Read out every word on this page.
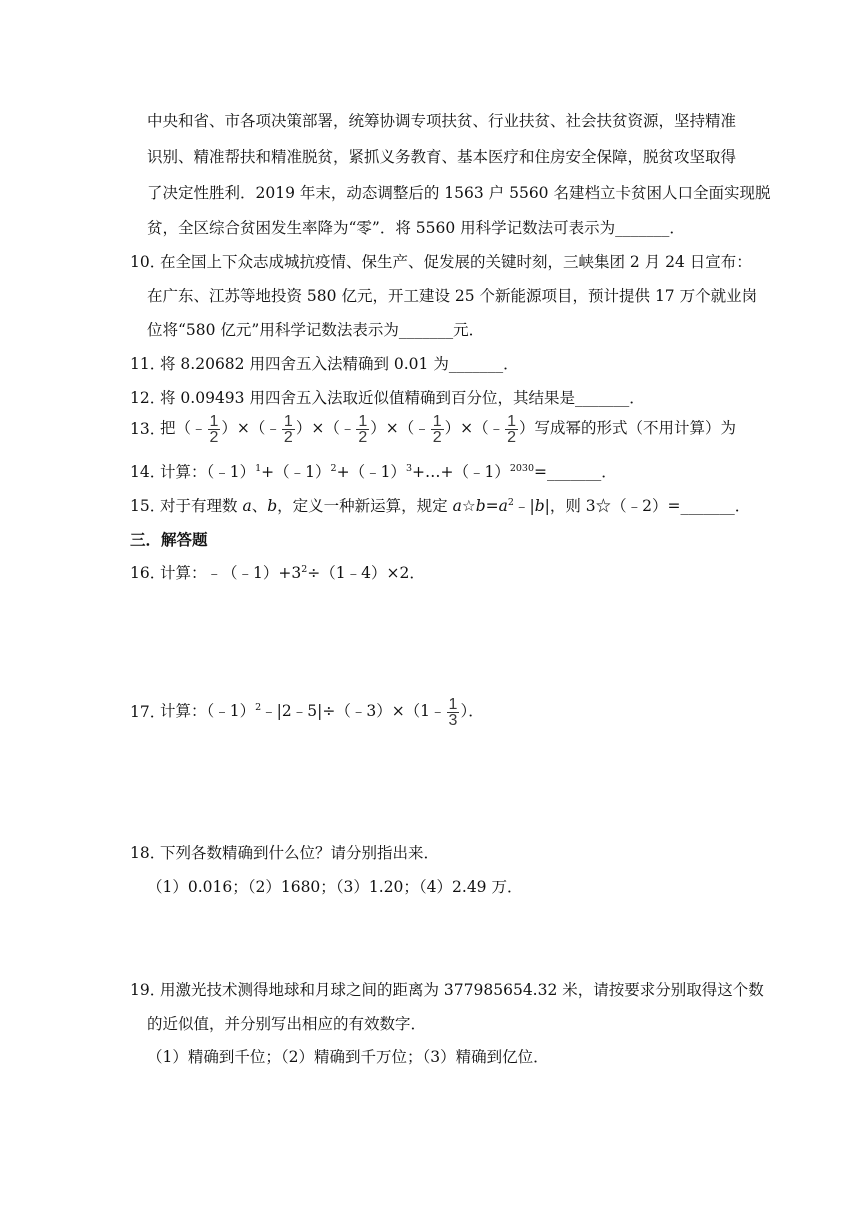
中央和省、市各项决策部署，统筹协调专项扶贫、行业扶贫、社会扶贫资源，坚持精准
识别、精准帮扶和精准脱贫，紧抓义务教育、基本医疗和住房安全保障，脱贫攻坚取得
了决定性胜利．2019 年末，动态调整后的 1563 户 5560 名建档立卡贫困人口全面实现脱
贫，全区综合贫困发生率降为“零”．将 5560 用科学记数法可表示为_______．
10．
在全国上下众志成城抗疫情、保生产、促发展的关键时刻，三峡集团 2 月 24 日宣布：
在广东、江苏等地投资 580 亿元，开工建设 25 个新能源项目，预计提供 17 万个就业岗
位将“580 亿元”用科学记数法表示为_______元．
11．
将 8.20682 用四舍五入法精确到 0.01 为_______．
12．
将 0.09493 用四舍五入法取近似值精确到百分位，其结果是_______．
13．
把（﹣ $\frac{1}{2}$ ）×（﹣ $\frac{1}{2}$ ）×（﹣ $\frac{1}{2}$ ）×（﹣ $\frac{1}{2}$ ）×（﹣ $\frac{1}{2}$ ）写成幂的形式（不用计算）为
14．
计算：（﹣1）$^1$+（﹣1）$^2$+（﹣1）$^3$+…+（﹣1）$^{2030}$=_______．
15．
对于有理数 a、b，定义一种新运算，规定 $a☆b=a^2﹣|b|$，则 3☆（﹣2）=_______．
三．解答题
16．
计算：$﹣(﹣1)+3^2\div(1﹣4)\times 2$．
17．
计算：（﹣1）$^2$﹣|2﹣5|÷（﹣3）×（1﹣ $\frac{1}{3}$ ）．
18．
下列各数精确到什么位？请分别指出来．
（1）0.016；（2）1680；（3）1.20；（4）2.49 万．
19．
用激光技术测得地球和月球之间的距离为 377985654.32 米，请按要求分别取得这个数
的近似值，并分别写出相应的有效数字．
（1）精确到千位；（2）精确到千万位；（3）精确到亿位．
